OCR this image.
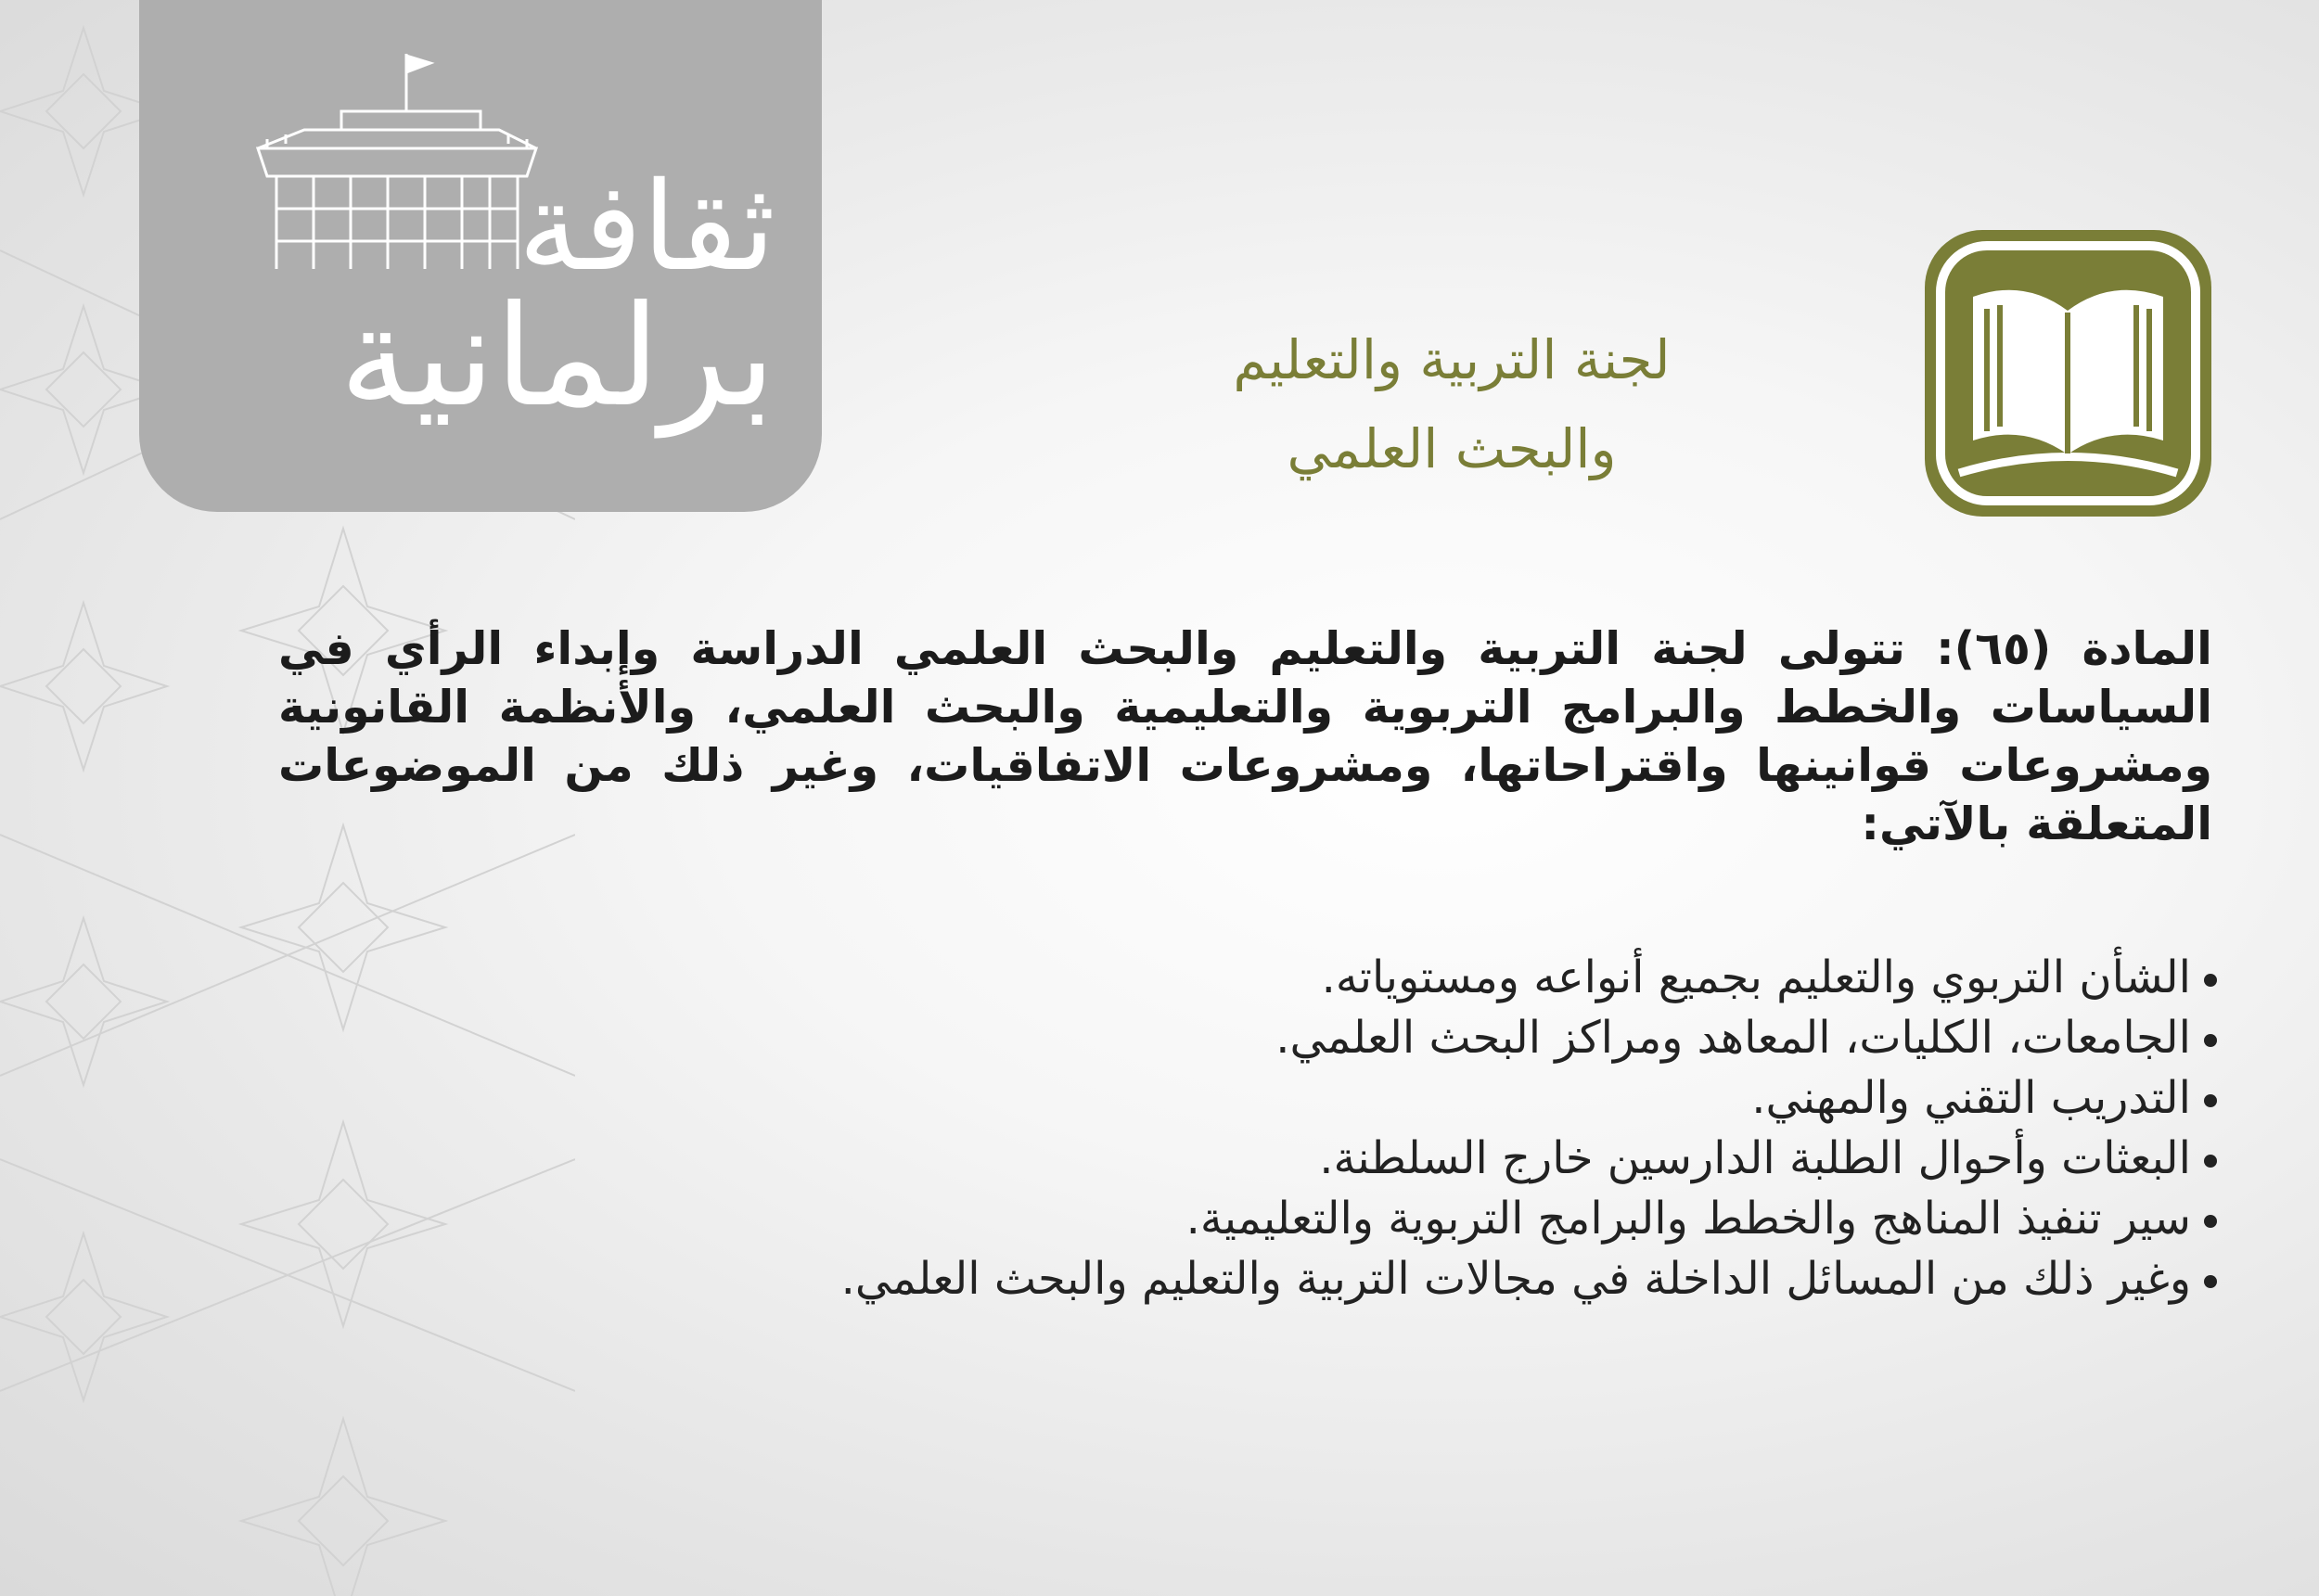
ثقافة
برلمانية	لجنة التربية والتعليم
والبحث العلمي
المادة (٦٥): تتولى لجنة التربية والتعليم والبحث العلمي الدراسة وإبداء الرأي في السياسات والخطط والبرامج التربوية والتعليمية والبحث العلمي، والأنظمة القانونية ومشروعات قوانينها واقتراحاتها، ومشروعات الاتفاقيات، وغير ذلك من الموضوعات المتعلقة بالآتي:
الشأن التربوي والتعليم بجميع أنواعه ومستوياته.
الجامعات، الكليات، المعاهد ومراكز البحث العلمي.
التدريب التقني والمهني.
البعثات وأحوال الطلبة الدارسين خارج السلطنة.
سير تنفيذ المناهج والخطط والبرامج التربوية والتعليمية.
وغير ذلك من المسائل الداخلة في مجالات التربية والتعليم والبحث العلمي.
